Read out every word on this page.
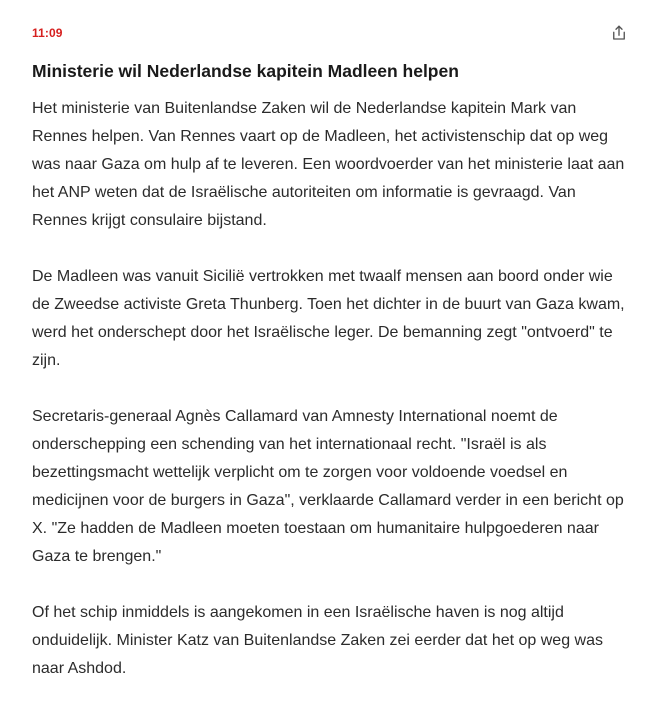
11:09
Ministerie wil Nederlandse kapitein Madleen helpen

Het ministerie van Buitenlandse Zaken wil de Nederlandse kapitein Mark van Rennes helpen. Van Rennes vaart op de Madleen, het activistenschip dat op weg was naar Gaza om hulp af te leveren. Een woordvoerder van het ministerie laat aan het ANP weten dat de Israëlische autoriteiten om informatie is gevraagd. Van Rennes krijgt consulaire bijstand.

De Madleen was vanuit Sicilië vertrokken met twaalf mensen aan boord onder wie de Zweedse activiste Greta Thunberg. Toen het dichter in de buurt van Gaza kwam, werd het onderschept door het Israëlische leger. De bemanning zegt "ontvoerd" te zijn.

Secretaris-generaal Agnès Callamard van Amnesty International noemt de onderschepping een schending van het internationaal recht. "Israël is als bezettingsmacht wettelijk verplicht om te zorgen voor voldoende voedsel en medicijnen voor de burgers in Gaza", verklaarde Callamard verder in een bericht op X. "Ze hadden de Madleen moeten toestaan om humanitaire hulpgoederen naar Gaza te brengen."

Of het schip inmiddels is aangekomen in een Israëlische haven is nog altijd onduidelijk. Minister Katz van Buitenlandse Zaken zei eerder dat het op weg was naar Ashdod.
